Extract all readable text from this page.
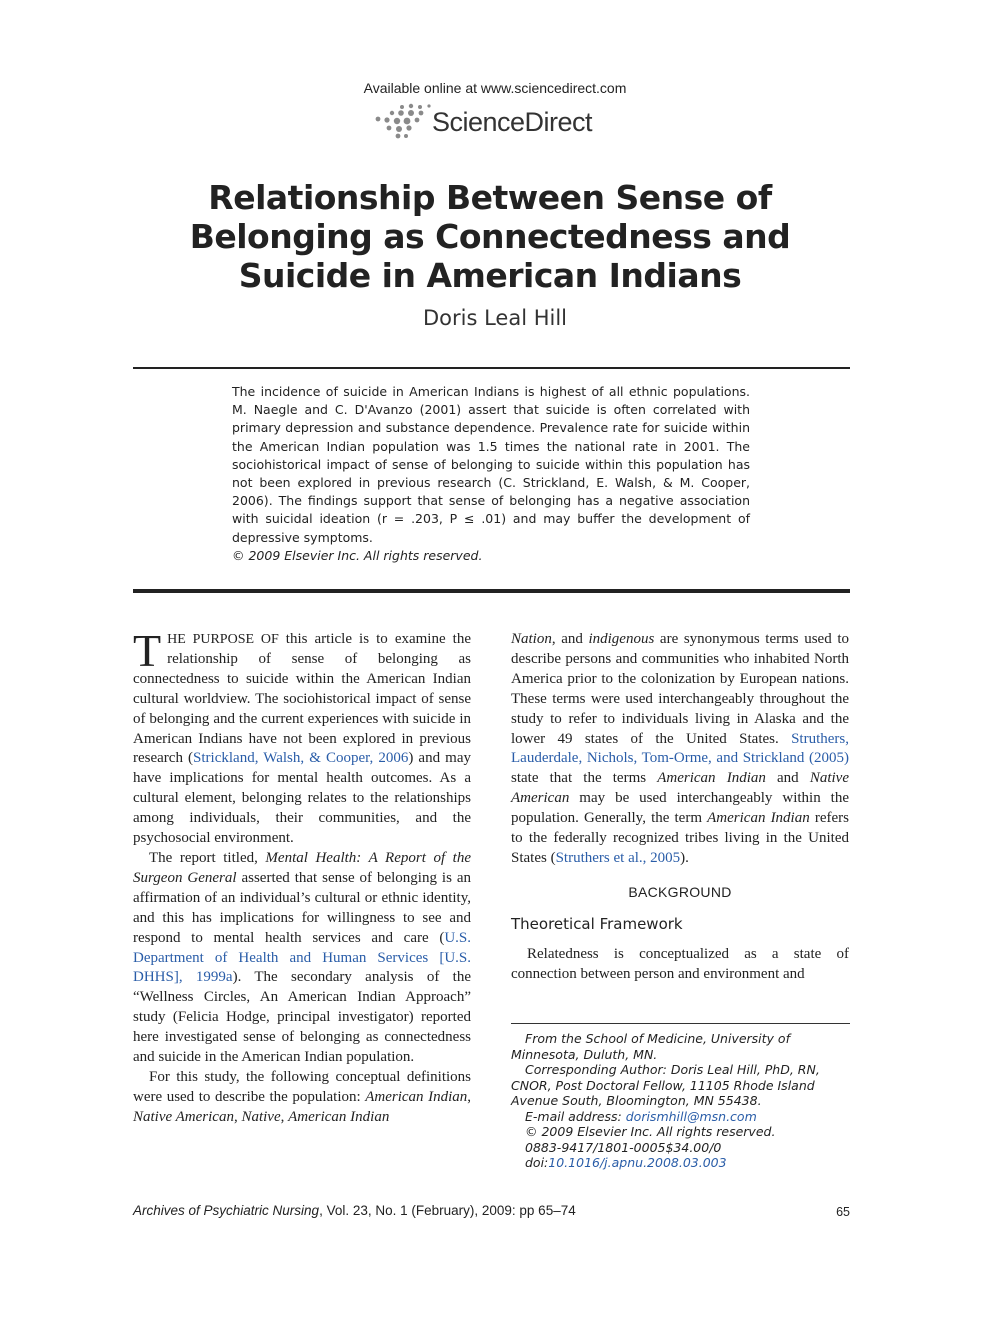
Available online at www.sciencedirect.com
ScienceDirect
Relationship Between Sense of Belonging as Connectedness and Suicide in American Indians
Doris Leal Hill
The incidence of suicide in American Indians is highest of all ethnic populations. M. Naegle and C. D'Avanzo (2001) assert that suicide is often correlated with primary depression and substance dependence. Prevalence rate for suicide within the American Indian population was 1.5 times the national rate in 2001. The sociohistorical impact of sense of belonging to suicide within this population has not been explored in previous research (C. Strickland, E. Walsh, & M. Cooper, 2006). The findings support that sense of belonging has a negative association with suicidal ideation (r = .203, P ≤ .01) and may buffer the development of depressive symptoms.
© 2009 Elsevier Inc. All rights reserved.

THE PURPOSE OF this article is to examine the relationship of sense of belonging as connectedness to suicide within the American Indian cultural worldview. The sociohistorical impact of sense of belonging and the current experiences with suicide in American Indians have not been explored in previous research (Strickland, Walsh, & Cooper, 2006) and may have implications for mental health outcomes. As a cultural element, belonging relates to the relationships among individuals, their communities, and the psychosocial environment.

The report titled, Mental Health: A Report of the Surgeon General asserted that sense of belonging is an affirmation of an individual’s cultural or ethnic identity, and this has implications for willingness to see and respond to mental health services and care (U.S. Department of Health and Human Services [U.S. DHHS], 1999a). The secondary analysis of the “Wellness Circles, An American Indian Approach” study (Felicia Hodge, principal investigator) reported here investigated sense of belonging as connectedness and suicide in the American Indian population.

For this study, the following conceptual definitions were used to describe the population: American Indian, Native American, Native, American Indian

Nation, and indigenous are synonymous terms used to describe persons and communities who inhabited North America prior to the colonization by European nations. These terms were used interchangeably throughout the study to refer to individuals living in Alaska and the lower 49 states of the United States. Struthers, Lauderdale, Nichols, Tom-Orme, and Strickland (2005) state that the terms American Indian and Native American may be used interchangeably within the population. Generally, the term American Indian refers to the federally recognized tribes living in the United States (Struthers et al., 2005).

BACKGROUND
Theoretical Framework

Relatedness is conceptualized as a state of connection between person and environment and

From the School of Medicine, University of Minnesota, Duluth, MN.
Corresponding Author: Doris Leal Hill, PhD, RN, CNOR, Post Doctoral Fellow, 11105 Rhode Island Avenue South, Bloomington, MN 55438.
E-mail address: dorismhill@msn.com
© 2009 Elsevier Inc. All rights reserved.
0883-9417/1801-0005$34.00/0
doi:10.1016/j.apnu.2008.03.003
Archives of Psychiatric Nursing, Vol. 23, No. 1 (February), 2009: pp 65–74	65
